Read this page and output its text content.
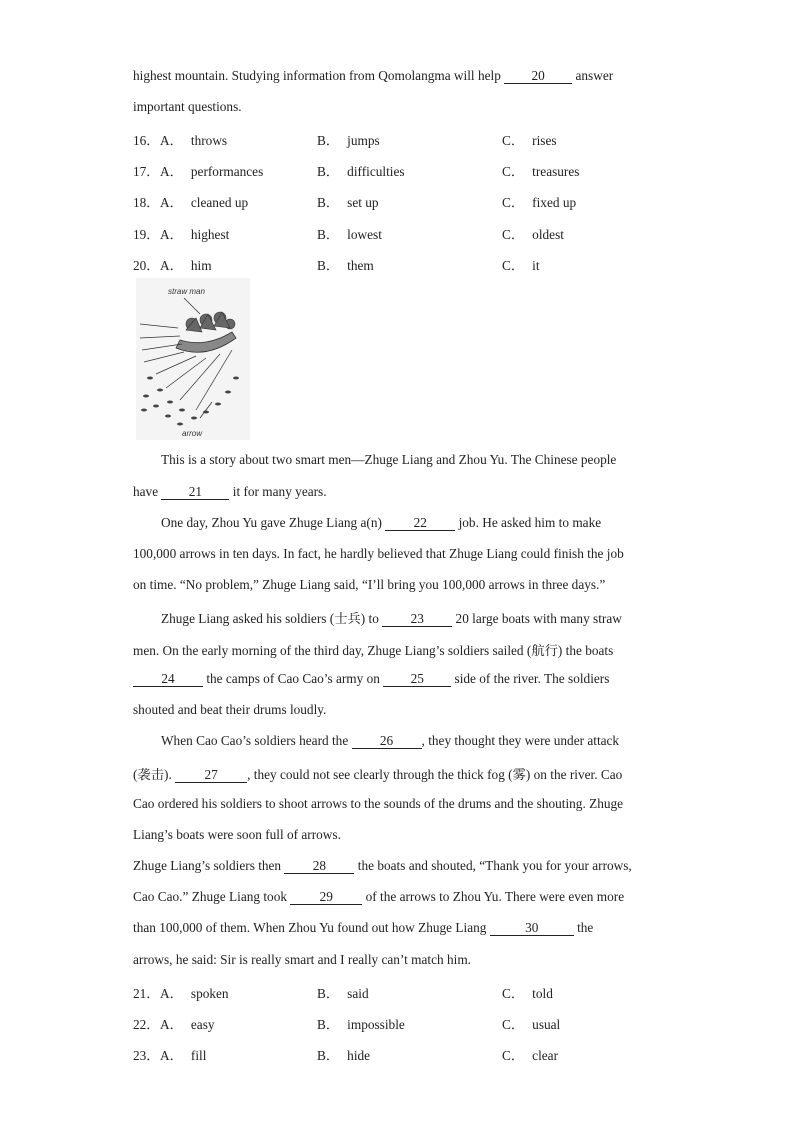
highest mountain. Studying information from Qomolangma will help 20 answer
important questions.
16． A． throws	B． jumps	C． rises
17． A． performances	B． difficulties	C． treasures
18． A． cleaned up	B． set up	C． fixed up
19． A． highest	B． lowest	C． oldest
20． A． him	B． them	C． it
straw man
arrow
This is a story about two smart men—Zhuge Liang and Zhou Yu. The Chinese people
have 21 it for many years.
One day, Zhou Yu gave Zhuge Liang a(n) 22 job. He asked him to make
100,000 arrows in ten days. In fact, he hardly believed that Zhuge Liang could finish the job
on time. “No problem,” Zhuge Liang said, “I’ll bring you 100,000 arrows in three days.”
Zhuge Liang asked his soldiers (士兵) to 23 20 large boats with many straw
men. On the early morning of the third day, Zhuge Liang’s soldiers sailed (航行) the boats
24 the camps of Cao Cao’s army on 25 side of the river. The soldiers
shouted and beat their drums loudly.
When Cao Cao’s soldiers heard the 26 , they thought they were under attack
(袭击). 27 , they could not see clearly through the thick fog (雾) on the river. Cao
Cao ordered his soldiers to shoot arrows to the sounds of the drums and the shouting. Zhuge
Liang’s boats were soon full of arrows.
Zhuge Liang’s soldiers then 28 the boats and shouted, “Thank you for your arrows,
Cao Cao.” Zhuge Liang took 29 of the arrows to Zhou Yu. There were even more
than 100,000 of them. When Zhou Yu found out how Zhuge Liang	30	the
arrows, he said: Sir is really smart and I really can’t match him.
21． A． spoken	B． said	C． told
22． A． easy	B． impossible	C． usual
23． A． fill	B． hide	C． clear
